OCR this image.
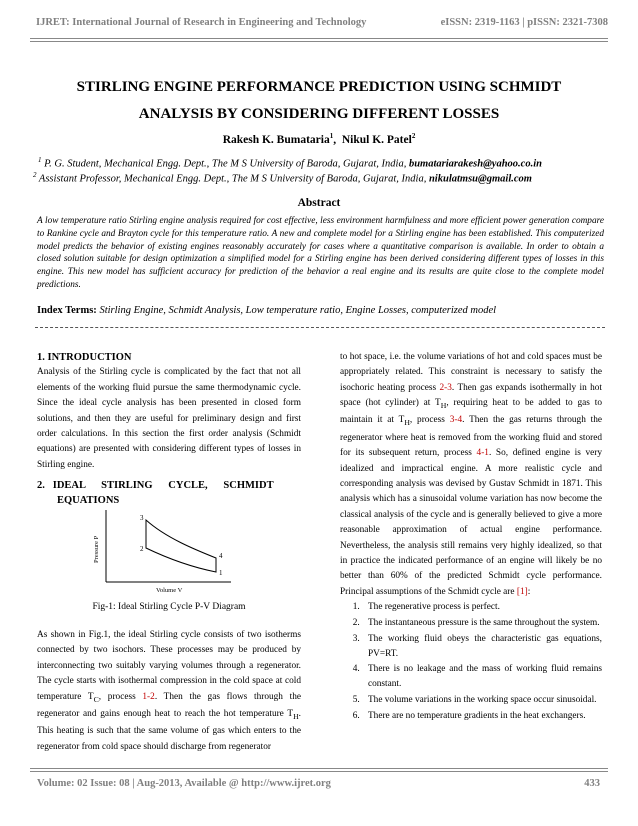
IJRET: International Journal of Research in Engineering and Technology	eISSN: 2319-1163 | pISSN: 2321-7308
STIRLING ENGINE PERFORMANCE PREDICTION USING SCHMIDT
ANALYSIS BY CONSIDERING DIFFERENT LOSSES
Rakesh K. Bumataria$^1$,  Nikul K. Patel$^2$
$^1$ P. G. Student, Mechanical Engg. Dept., The M S University of Baroda, Gujarat, India, bumatariarakesh@yahoo.co.in
$^2$ Assistant Professor, Mechanical Engg. Dept., The M S University of Baroda, Gujarat, India, nikulatmsu@gmail.com
Abstract
A low temperature ratio Stirling engine analysis required for cost effective, less environment harmfulness and more efficient power generation compare to Rankine cycle and Brayton cycle for this temperature ratio. A new and complete model for a Stirling engine has been established. This computerized model predicts the behavior of existing engines reasonably accurately for cases where a quantitative comparison is available. In order to obtain a closed solution suitable for design optimization a simplified model for a Stirling engine has been derived considering different types of losses in this engine. This new model has sufficient accuracy for prediction of the behavior a real engine and its results are quite close to the complete model predictions.
Index Terms: Stirling Engine, Schmidt Analysis, Low temperature ratio, Engine Losses, computerized model
1. INTRODUCTION
Analysis of the Stirling cycle is complicated by the fact that not all elements of the working fluid pursue the same thermodynamic cycle. Since the ideal cycle analysis has been presented in closed form solutions, and then they are useful for preliminary design and first order calculations. In this section the first order analysis (Schmidt equations) are presented with considering different types of losses in Stirling engine.
2.   IDEAL      STIRLING      CYCLE,      SCHMIDT
EQUATIONS
3
2
4
1
Pressure P
Volume V
Fig-1: Ideal Stirling Cycle P-V Diagram
As shown in Fig.1, the ideal Stirling cycle consists of two isotherms connected by two isochors. These processes may be produced by interconnecting two suitably varying volumes through a regenerator. The cycle starts with isothermal compression in the cold space at cold temperature $T_C$, process 1-2. Then the gas flows through the regenerator and gains enough heat to reach the hot temperature $T_H$. This heating is such that the same volume of gas which enters to the regenerator from cold space should discharge from regenerator
to hot space, i.e. the volume variations of hot and cold spaces must be appropriately related. This constraint is necessary to satisfy the isochoric heating process 2-3. Then gas expands isothermally in hot space (hot cylinder) at $T_H$, requiring heat to be added to gas to maintain it at $T_H$, process 3-4. Then the gas returns through the regenerator where heat is removed from the working fluid and stored for its subsequent return, process 4-1. So, defined engine is very idealized and impractical engine. A more realistic cycle and corresponding analysis was devised by Gustav Schmidt in 1871. This analysis which has a sinusoidal volume variation has now become the classical analysis of the cycle and is generally believed to give a more reasonable approximation of actual engine performance. Nevertheless, the analysis still remains very highly idealized, so that in practice the indicated performance of an engine will likely be no better than 60% of the predicted Schmidt cycle performance. Principal assumptions of the Schmidt cycle are [1]:
1. The regenerative process is perfect.
2. The instantaneous pressure is the same throughout the system.
3. The working fluid obeys the characteristic gas equations, PV=RT.
4. There is no leakage and the mass of working fluid remains constant.
5. The volume variations in the working space occur sinusoidal.
6. There are no temperature gradients in the heat exchangers.
Volume: 02 Issue: 08 | Aug-2013, Available @ http://www.ijret.org	433
